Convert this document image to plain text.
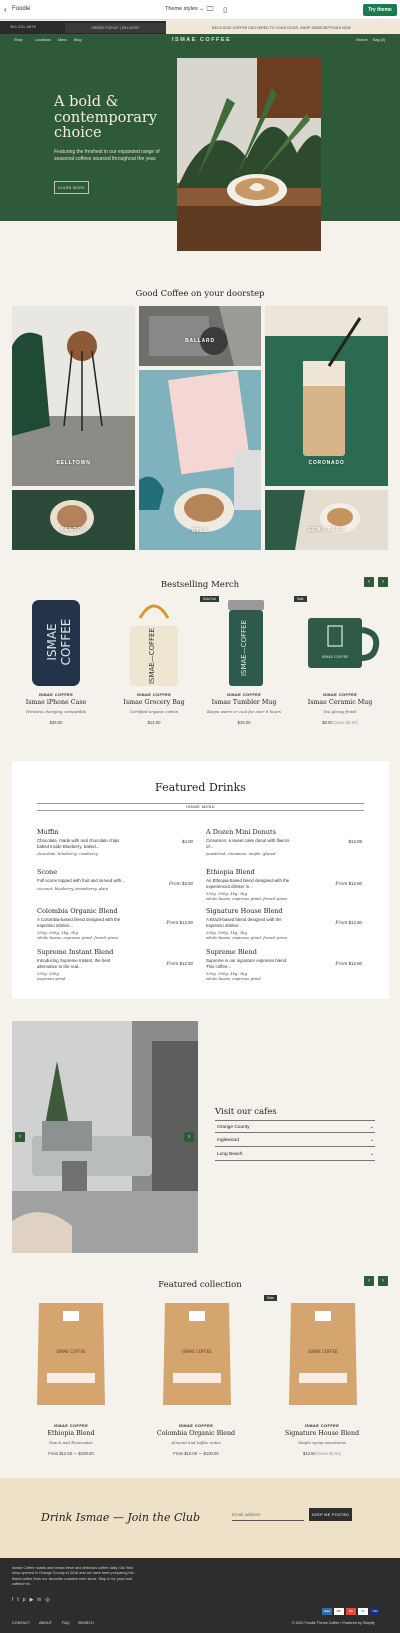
‹ Foodie	Theme styles ⌄ 🖵 ▯	Try theme
304-301-9878	ORDER PICKUP | DELIVERY	DELICIOUS COFFEE DELIVERED TO YOUR DOOR. SHOP SUBSCRIPTIONS NOW
Shop	Locations Menu Blog	ISMAE COFFEE	Search Bag (0)
A bold & contemporary choice
Featuring the freshest in our expanded range of seasonal coffees sourced throughout the year.
LEARN MORE
Good Coffee on your doorstep
BELLTOWN
BALLARD
CORONADO
OTLA
KENTON	ECHO PARK
Bestselling Merch	‹	›
ISMAE COFFEE	ISMAE—COFFEE	ISMAE—COFFEE	ISMAE COFFEE
Sold Out	Sale
ISMAE COFFEE
Ismae iPhone Case
Wireless charging compatible
$38.00
ISMAE COFFEE
Ismae Grocery Bag
Certified organic cotton
$14.00
ISMAE COFFEE
Ismae Tumbler Mug
Keeps warm or cool for over 6 hours
$18.00
ISMAE COFFEE
Ismae Ceramic Mug
Tea glossy finish
$8.00 (Save $2.00)
Featured Drinks
ISMAE MENU
Muffin
Chocolate, made with real chocolate chips baked inside Blueberry, baked...
chocolate, blueberry, cranberry
$4.00
Scone
Full scone topped with fruit and served with...
coconut, blueberry, strawberry, plain
From $3.50
Colombia Organic Blend
A Colombia-based blend designed with the espresso drinker...
250g, 500g, 1kg, 2kg
whole beans, espresso grind, french press
From $12.50
Supreme Instant Blend
Introducing Supreme Instant, the best alternative to the real...
250g, 500g
espresso grind
From $12.50
A Dozen Mini Donuts
Cinnamon: a sweet cake donut with flavors of...
powdered, cinnamon, maple, glazed
$12.99
Ethiopia Blend
An Ethiopia-based blend designed with the experienced drinker in...
250g, 500g, 1kg, 2kg
whole beans, espresso grind, french press
From $12.50
Signature House Blend
A Brazil-based blend designed with the espresso drinker...
250g, 500g, 1kg, 2kg
whole beans, espresso grind, french press
From $12.50
Supreme Blend
Supreme is our signature espresso blend. This coffee...
250g, 500g, 1kg, 2kg
whole beans, espresso grind
From $12.50
‹	›
Visit our cafes
Orange County	⌄
Inglewood	⌄
Long Beach	⌄
Featured collection	‹	›
ISMAE COFFEE	ISMAE COFFEE	ISMAE COFFEE
Sale
ISMAE COFFEE
Ethiopia Blend
Peach and Rosewater
From $12.50 — $100.00
ISMAE COFFEE
Colombia Organic Blend
Almond and toffee notes
From $10.00 — $100.00
ISMAE COFFEE
Signature House Blend
Maple syrup sweetness
$12.50 (Save $2.50)
Drink Ismae — Join the Club
Email address	KEEP ME POSTED
Ismae Coffee roasts and brews fresh and delicious coffee daily. Our first shop opened in Orange County in 2016 and we have been preparing the finest coffee from our favourite roasters ever since. Stop in for your next caffeine fix.
f t p ▶ in ◎
CONTACT ABOUT	FAQ SEARCH
AMEX	PAY	MC	PP	VISA
© 2021 Foodie Theme Coffee • Powered by Shopify
